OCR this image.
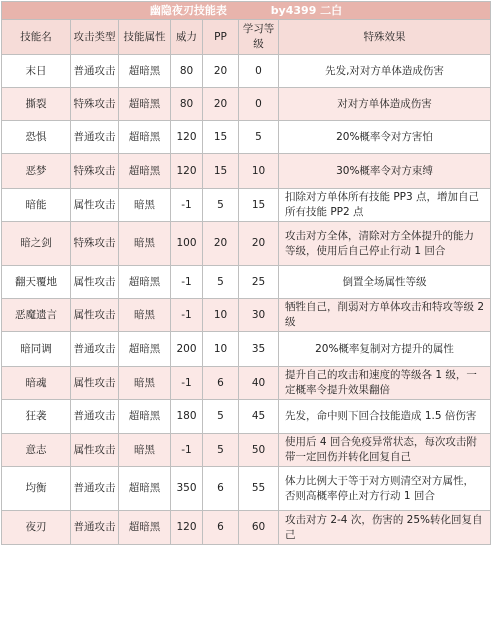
幽隐夜刃技能表 by4399 二白						
技能名	攻击类型	技能属性	威力	PP	学习等级	特殊效果
末日	普通攻击	超暗黑	80	20	0	先发,对对方单体造成伤害
撕裂	特殊攻击	超暗黑	80	20	0	对对方单体造成伤害
恐惧	普通攻击	超暗黑	120	15	5	20%概率令对方害怕
恶梦	特殊攻击	超暗黑	120	15	10	30%概率令对方束缚
暗能	属性攻击	暗黑	-1	5	15	扣除对方单体所有技能 PP3 点，增加自己所有技能 PP2 点
暗之剑	特殊攻击	暗黑	100	20	20	攻击对方全体，清除对方全体提升的能力等级，使用后自己停止行动 1 回合
翻天覆地	属性攻击	超暗黑	-1	5	25	倒置全场属性等级
恶魔遗言	属性攻击	暗黑	-1	10	30	牺牲自己，削弱对方单体攻击和特攻等级 2 级
暗同调	普通攻击	超暗黑	200	10	35	20%概率复制对方提升的属性
暗魂	属性攻击	暗黑	-1	6	40	提升自己的攻击和速度的等级各 1 级，一定概率令提升效果翻倍
狂袭	普通攻击	超暗黑	180	5	45	先发，命中则下回合技能造成 1.5 倍伤害
意志	属性攻击	暗黑	-1	5	50	使用后 4 回合免疫异常状态，每次攻击附带一定回伤并转化回复自己
均衡	普通攻击	超暗黑	350	6	55	体力比例大于等于对方则清空对方属性，否则高概率停止对方行动 1 回合
夜刃	普通攻击	超暗黑	120	6	60	攻击对方 2-4 次，伤害的 25%转化回复自己
